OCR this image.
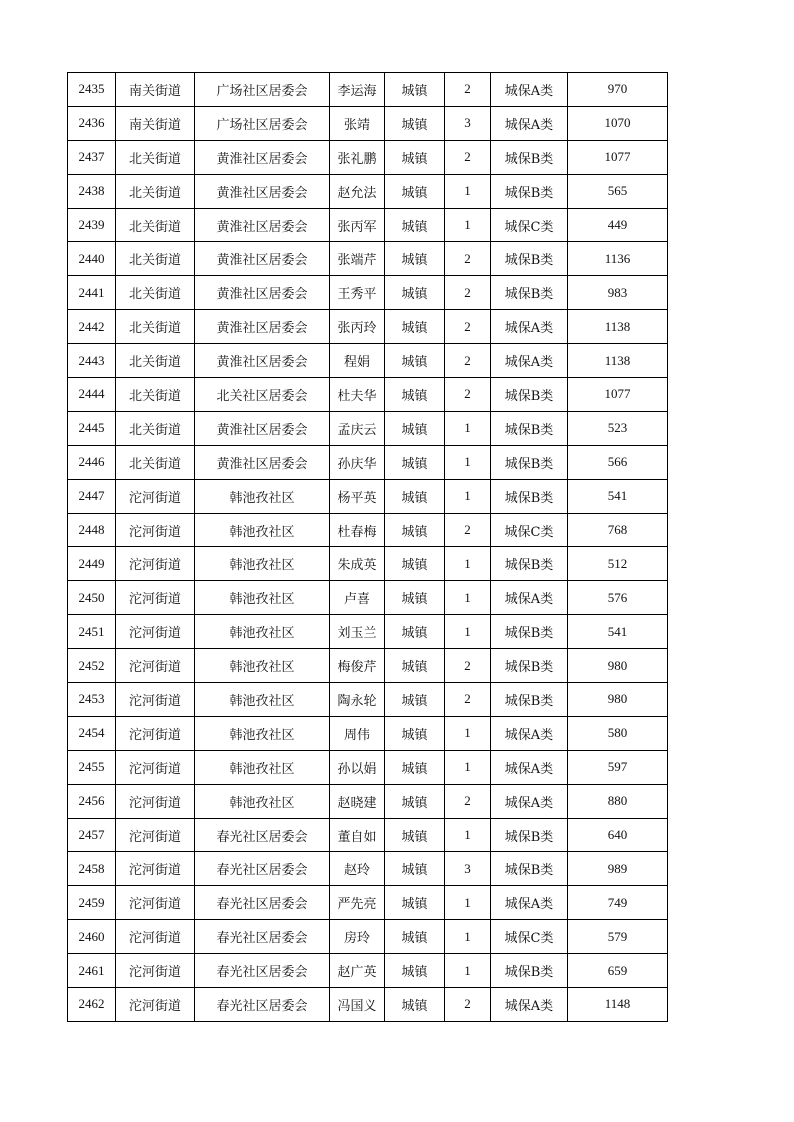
2435	南关街道	广场社区居委会	李运海	城镇	2	城保A类	970
2436	南关街道	广场社区居委会	张靖	城镇	3	城保A类	1070
2437	北关街道	黄淮社区居委会	张礼鹏	城镇	2	城保B类	1077
2438	北关街道	黄淮社区居委会	赵允法	城镇	1	城保B类	565
2439	北关街道	黄淮社区居委会	张丙军	城镇	1	城保C类	449
2440	北关街道	黄淮社区居委会	张端芹	城镇	2	城保B类	1136
2441	北关街道	黄淮社区居委会	王秀平	城镇	2	城保B类	983
2442	北关街道	黄淮社区居委会	张丙玲	城镇	2	城保A类	1138
2443	北关街道	黄淮社区居委会	程娟	城镇	2	城保A类	1138
2444	北关街道	北关社区居委会	杜夫华	城镇	2	城保B类	1077
2445	北关街道	黄淮社区居委会	孟庆云	城镇	1	城保B类	523
2446	北关街道	黄淮社区居委会	孙庆华	城镇	1	城保B类	566
2447	沱河街道	韩池孜社区	杨平英	城镇	1	城保B类	541
2448	沱河街道	韩池孜社区	杜春梅	城镇	2	城保C类	768
2449	沱河街道	韩池孜社区	朱成英	城镇	1	城保B类	512
2450	沱河街道	韩池孜社区	卢喜	城镇	1	城保A类	576
2451	沱河街道	韩池孜社区	刘玉兰	城镇	1	城保B类	541
2452	沱河街道	韩池孜社区	梅俊芹	城镇	2	城保B类	980
2453	沱河街道	韩池孜社区	陶永轮	城镇	2	城保B类	980
2454	沱河街道	韩池孜社区	周伟	城镇	1	城保A类	580
2455	沱河街道	韩池孜社区	孙以娟	城镇	1	城保A类	597
2456	沱河街道	韩池孜社区	赵晓建	城镇	2	城保A类	880
2457	沱河街道	春光社区居委会	董自如	城镇	1	城保B类	640
2458	沱河街道	春光社区居委会	赵玲	城镇	3	城保B类	989
2459	沱河街道	春光社区居委会	严先亮	城镇	1	城保A类	749
2460	沱河街道	春光社区居委会	房玲	城镇	1	城保C类	579
2461	沱河街道	春光社区居委会	赵广英	城镇	1	城保B类	659
2462	沱河街道	春光社区居委会	冯国义	城镇	2	城保A类	1148
